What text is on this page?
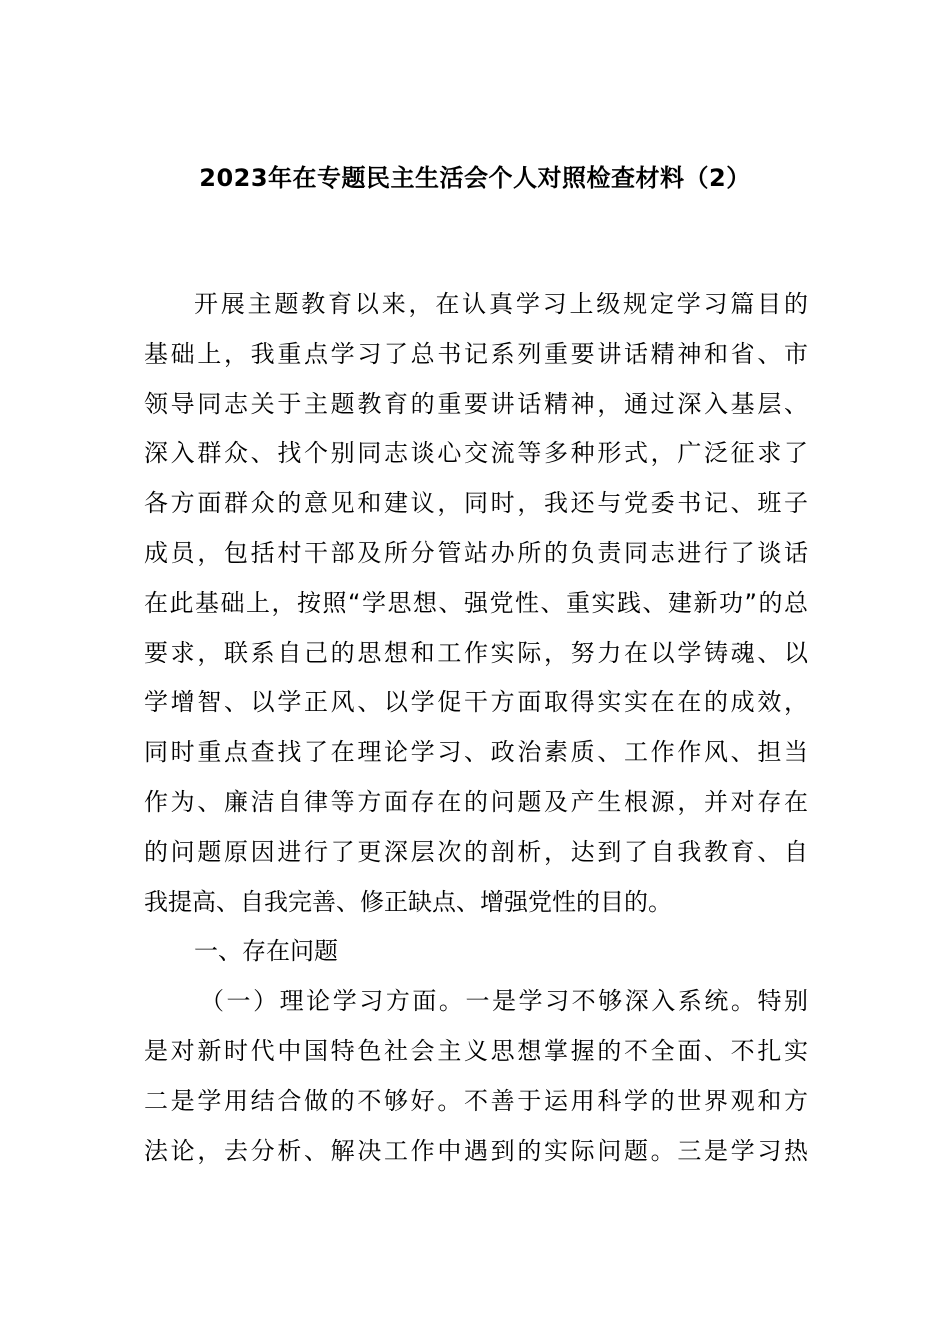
2023年在专题民主生活会个人对照检查材料（2）
开展主题教育以来，在认真学习上级规定学习篇目的
基础上，我重点学习了总书记系列重要讲话精神和省、市
领导同志关于主题教育的重要讲话精神，通过深入基层、
深入群众、找个别同志谈心交流等多种形式，广泛征求了
各方面群众的意见和建议，同时，我还与党委书记、班子
成员，包括村干部及所分管站办所的负责同志进行了谈话
在此基础上，按照“学思想、强党性、重实践、建新功”的总
要求，联系自己的思想和工作实际，努力在以学铸魂、以
学增智、以学正风、以学促干方面取得实实在在的成效，
同时重点查找了在理论学习、政治素质、工作作风、担当
作为、廉洁自律等方面存在的问题及产生根源，并对存在
的问题原因进行了更深层次的剖析，达到了自我教育、自
我提高、自我完善、修正缺点、增强党性的目的。
一、存在问题
（一）理论学习方面。一是学习不够深入系统。特别
是对新时代中国特色社会主义思想掌握的不全面、不扎实
二是学用结合做的不够好。不善于运用科学的世界观和方
法论，去分析、解决工作中遇到的实际问题。三是学习热
